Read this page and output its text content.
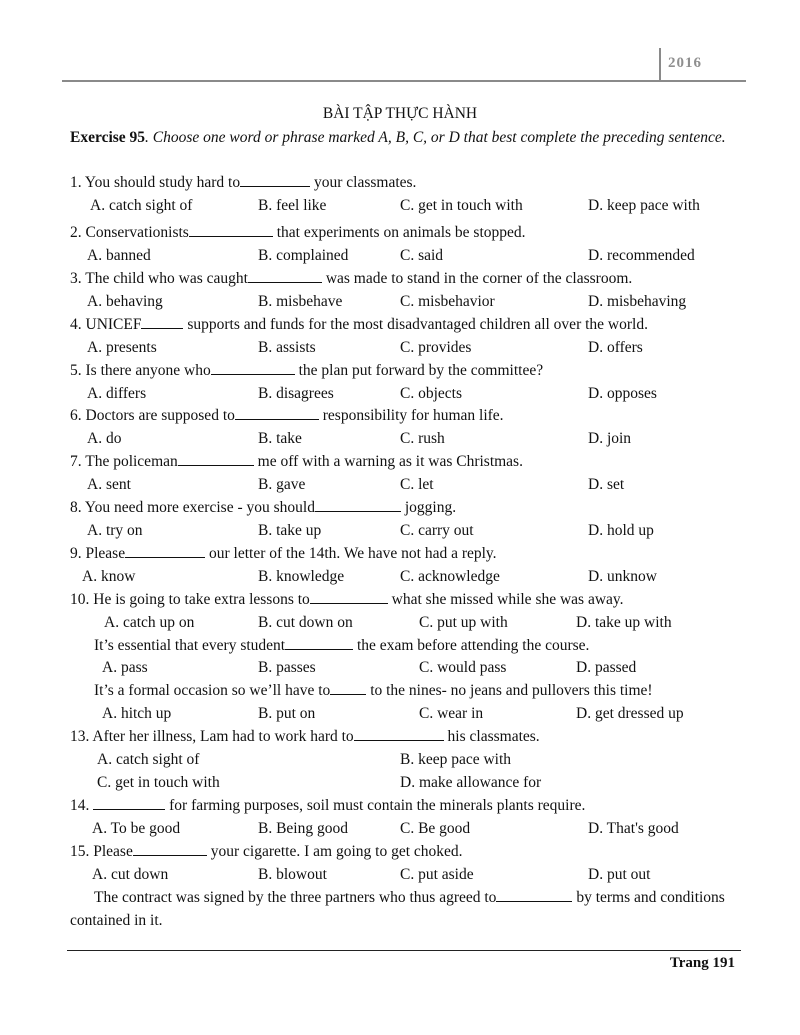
2016
BÀI TẬP THỰC HÀNH
Exercise 95. Choose one word or phrase marked A, B, C, or D that best complete the preceding sentence.
1. You should study hard to	your classmates.
A. catch sight of	B. feel like	C. get in touch with	D. keep pace with
2. Conservationists	that experiments on animals be stopped.
A. banned	B. complained	C. said	D. recommended
3. The child who was caught	was made to stand in the corner of the classroom.
A. behaving	B. misbehave	C. misbehavior	D. misbehaving
4. UNICEF	supports and funds for the most disadvantaged children all over the world.
A. presents	B. assists	C. provides	D. offers
5. Is there anyone who	the plan put forward by the committee?
A. differs	B. disagrees	C. objects	D. opposes
6. Doctors are supposed to	responsibility for human life.
A. do	B. take	C. rush	D. join
7. The policeman	me off with a warning as it was Christmas.
A. sent	B. gave	C. let	D. set
8. You need more exercise - you should	jogging.
A. try on	B. take up	C. carry out	D. hold up
9. Please	our letter of the 14th. We have not had a reply.
A. know	B. knowledge	C. acknowledge	D. unknow
10. He is going to take extra lessons to	what she missed while she was away.
A. catch up on	B. cut down on	C. put up with	D. take up with
It’s essential that every student	the exam before attending the course.
A. pass	B. passes	C. would pass	D. passed
It’s a formal occasion so we’ll have to to the nines- no jeans and pullovers this time!
A. hitch up	B. put on	C. wear in	D. get dressed up
13. After her illness, Lam had to work hard to	his classmates.
A. catch sight of	B. keep pace with
C. get in touch with	D. make allowance for
14.	for farming purposes, soil must contain the minerals plants require.
A. To be good	B. Being good	C. Be good	D. That's good
15. Please	your cigarette. I am going to get choked.
A. cut down	B. blowout	C. put aside	D. put out
The contract was signed by the three partners who thus agreed to	by terms and conditions contained in it.
Trang 191
